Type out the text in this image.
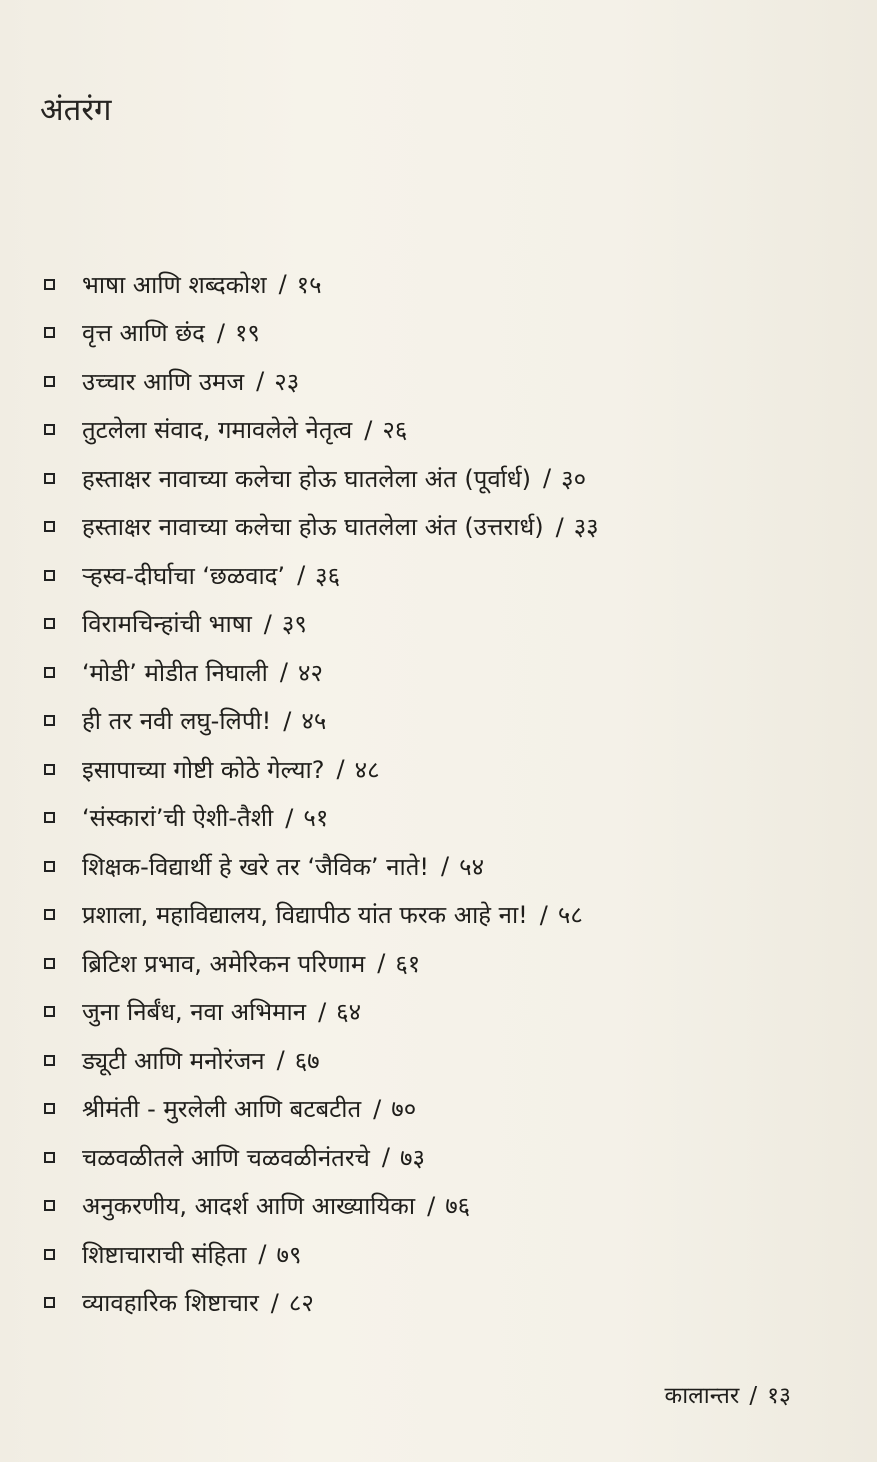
अंतरंग
भाषा आणि शब्दकोश / १५
वृत्त आणि छंद / १९
उच्चार आणि उमज / २३
तुटलेला संवाद, गमावलेले नेतृत्व / २६
हस्ताक्षर नावाच्या कलेचा होऊ घातलेला अंत (पूर्वार्ध) / ३०
हस्ताक्षर नावाच्या कलेचा होऊ घातलेला अंत (उत्तरार्ध) / ३३
ऱ्हस्व-दीर्घाचा ‘छळवाद’ / ३६
विरामचिन्हांची भाषा / ३९
‘मोडी’ मोडीत निघाली / ४२
ही तर नवी लघु-लिपी! / ४५
इसापाच्या गोष्टी कोठे गेल्या? / ४८
‘संस्कारां’ची ऐशी-तैशी / ५१
शिक्षक-विद्यार्थी हे खरे तर ‘जैविक’ नाते! / ५४
प्रशाला, महाविद्यालय, विद्यापीठ यांत फरक आहे ना! / ५८
ब्रिटिश प्रभाव, अमेरिकन परिणाम / ६१
जुना निर्बंध, नवा अभिमान / ६४
ड्यूटी आणि मनोरंजन / ६७
श्रीमंती - मुरलेली आणि बटबटीत / ७०
चळवळीतले आणि चळवळीनंतरचे / ७३
अनुकरणीय, आदर्श आणि आख्यायिका / ७६
शिष्टाचाराची संहिता / ७९
व्यावहारिक शिष्टाचार / ८२
कालान्तर / १३
